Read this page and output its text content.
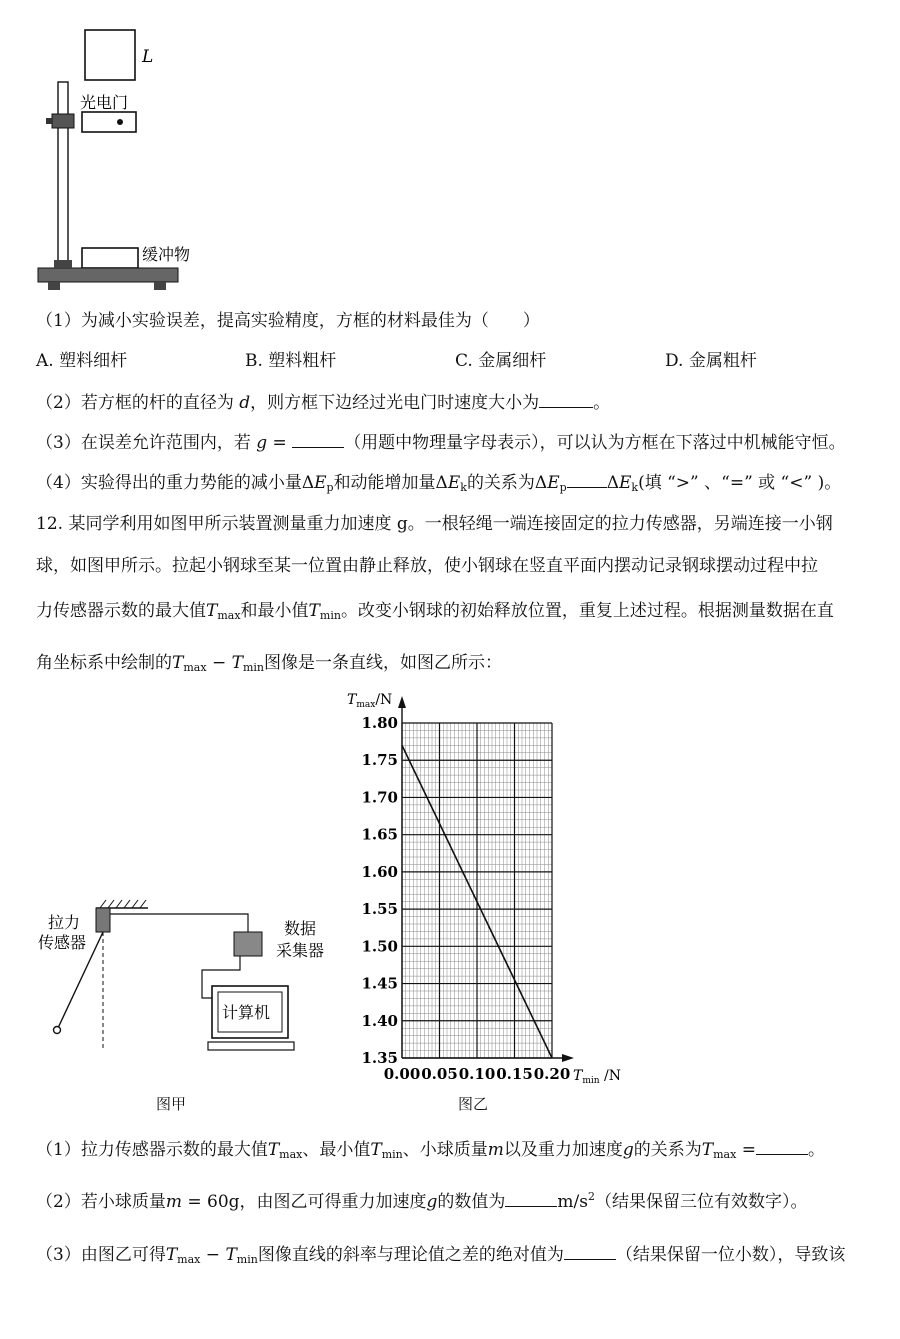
L
光电门
缓冲物
（1）为减小实验误差，提高实验精度，方框的材料最佳为（　　）
A. 塑料细杆	B. 塑料粗杆	C. 金属细杆	D. 金属粗杆
（2）若方框的杆的直径为 d，则方框下边经过光电门时速度大小为	。
（3）在误差允许范围内，若 g =	（用题中物理量字母表示），可以认为方框在下落过中机械能守恒。
（4）实验得出的重力势能的减小量$\Delta E_p$和动能增加量$\Delta E_k$的关系为$\Delta E_p$ $\Delta E_k$(填 “>” 、“=” 或 “<” )。
12. 某同学利用如图甲所示装置测量重力加速度 g。一根轻绳一端连接固定的拉力传感器，另端连接一小钢
球，如图甲所示。拉起小钢球至某一位置由静止释放，使小钢球在竖直平面内摆动记录钢球摆动过程中拉
力传感器示数的最大值$T_{max}$和最小值$T_{min}$。改变小钢球的初始释放位置，重复上述过程。根据测量数据在直
角坐标系中绘制的$T_{max} - T_{min}$图像是一条直线，如图乙所示：
拉力
传感器
数据
采集器
计算机
图甲
1.35
1.40
1.45
1.50
1.55
1.60
1.65
1.70
1.75
1.80
0.00 0.05 0.10 0.15 0.20
$T_{max}/N$
$T_{min}$ /N
图乙
（1）拉力传感器示数的最大值$T_{max}$、最小值$T_{min}$、小球质量m以及重力加速度g的关系为$T_{max}$ =	。
（2）若小球质量m = 60g，由图乙可得重力加速度g的数值为	$m/s^2$（结果保留三位有效数字）。
（3）由图乙可得$T_{max} - T_{min}$图像直线的斜率与理论值之差的绝对值为	（结果保留一位小数），导致该
